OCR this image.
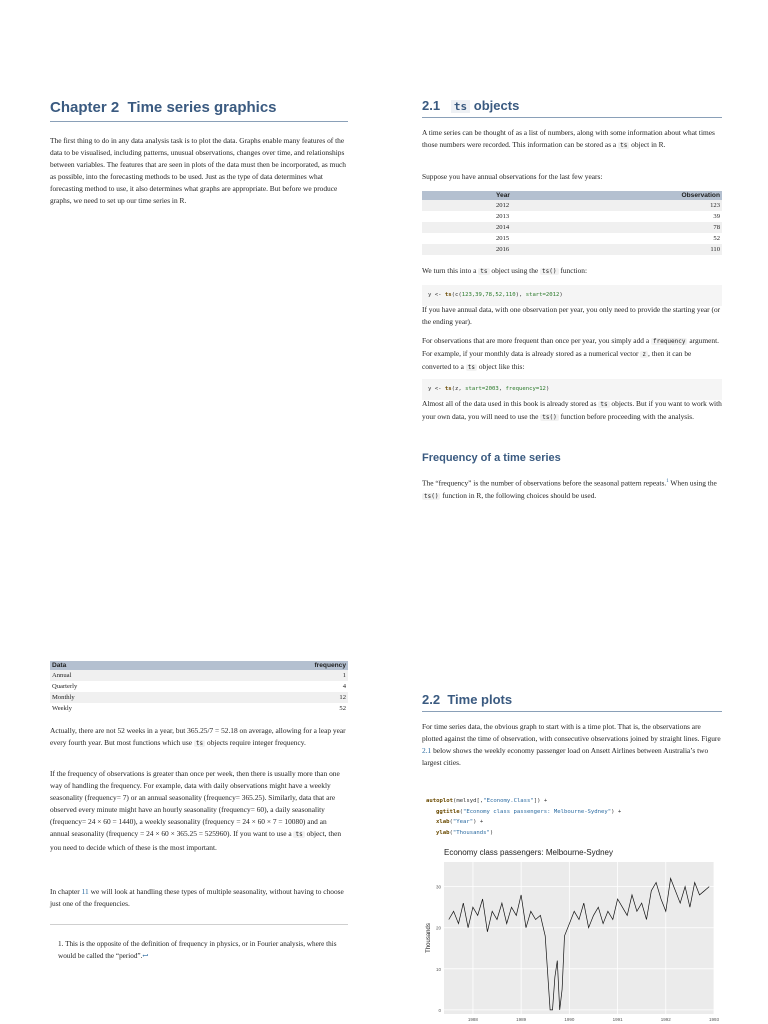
Chapter 2 Time series graphics

The first thing to do in any data analysis task is to plot the data. Graphs enable many features of the data to be visualised, including patterns, unusual observations, changes over time, and relationships between variables. The features that are seen in plots of the data must then be incorporated, as much as possible, into the forecasting methods to be used. Just as the type of data determines what forecasting method to use, it also determines what graphs are appropriate. But before we produce graphs, we need to set up our time series in R.

2.1 ts objects

A time series can be thought of as a list of numbers, along with some information about what times those numbers were recorded. This information can be stored as a ts object in R.

Suppose you have annual observations for the last few years:

Year	Observation
2012	123
2013	39
2014	78
2015	52
2016	110

We turn this into a ts object using the ts() function:

y <- ts(c(123,39,78,52,110), start=2012)

If you have annual data, with one observation per year, you only need to provide the starting year (or the ending year).

For observations that are more frequent than once per year, you simply add a frequency argument. For example, if your monthly data is already stored as a numerical vector z , then it can be converted to a ts object like this:

y <- ts(z, start=2003, frequency=12)

Almost all of the data used in this book is already stored as ts objects. But if you want to work with your own data, you will need to use the ts() function before proceeding with the analysis.

Frequency of a time series

The “frequency” is the number of observations before the seasonal pattern repeats.$^1$ When using the ts() function in R, the following choices should be used.

Data	frequency
Annual	1
Quarterly	4
Monthly	12
Weekly	52

Actually, there are not 52 weeks in a year, but 365.25/7 = 52.18 on average, allowing for a leap year every fourth year. But most functions which use ts objects require integer frequency.

If the frequency of observations is greater than once per week, then there is usually more than one way of handling the frequency. For example, data with daily observations might have a weekly seasonality (frequency= 7) or an annual seasonality (frequency= 365.25). Similarly, data that are observed every minute might have an hourly seasonality (frequency= 60), a daily seasonality (frequency= 24 × 60 = 1440), a weekly seasonality (frequency = 24 × 60 × 7 = 10080) and an annual seasonality (frequency = 24 × 60 × 365.25 = 525960). If you want to use a ts object, then you need to decide which of these is the most important.

In chapter 11 we will look at handling these types of multiple seasonality, without having to choose just one of the frequencies.

1. This is the opposite of the definition of frequency in physics, or in Fourier analysis, where this would be called the “period”.↩

2.2 Time plots

For time series data, the obvious graph to start with is a time plot. That is, the observations are plotted against the time of observation, with consecutive observations joined by straight lines. Figure 2.1 below shows the weekly economy passenger load on Ansett Airlines between Australia’s two largest cities.

autoplot(melsyd[,"Economy.Class"]) +
ggtitle("Economy class passengers: Melbourne-Sydney") +
xlab("Year") +
ylab("Thousands")
Economy class passengers: Melbourne-Sydney
0
10
20
30
1988	1989	1990	1991	1992	1993
Thousands
